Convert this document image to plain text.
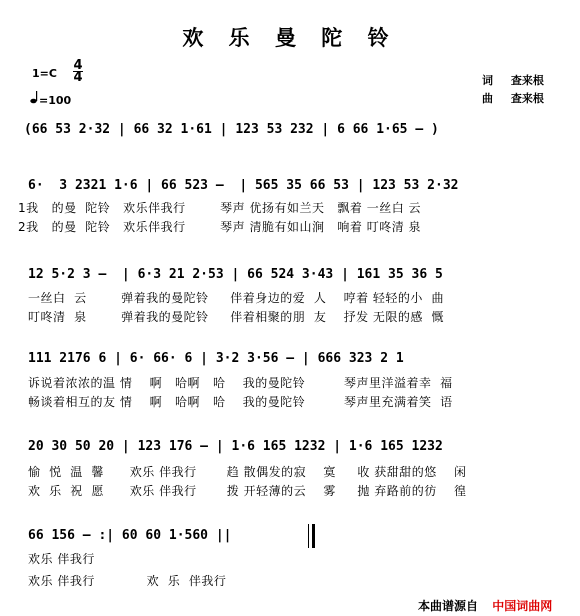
欢 乐 曼 陀 铃
1=C
4
4
=100
词 查来根
曲 查来根
(66 53 2·32 | 66 32 1·61 | 123 53 232 | 6 66 1·65 – )
6·  3 2321 1·6 | 66 523 –  | 565 35 66 53 | 123 53 2·32
1我   的曼  陀铃   欢乐伴我行        琴声 优扬有如兰天   飘着 一丝白 云
2我   的曼  陀铃   欢乐伴我行        琴声 清脆有如山涧   响着 叮咚清 泉
12 5·2 3 –  | 6·3 21 2·53 | 66 524 3·43 | 161 35 36 5
一丝白  云        弹着我的曼陀铃     伴着身边的爱  人    哼着 轻轻的小  曲
叮咚清  泉        弹着我的曼陀铃     伴着相聚的朋  友    抒发 无限的感  慨
111 2176 6 | 6· 66· 6 | 3·2 3·56 – | 666 323 2 1
诉说着浓浓的温 情    啊   哈啊   哈    我的曼陀铃         琴声里洋溢着幸  福
畅谈着相互的友 情    啊   哈啊   哈    我的曼陀铃         琴声里充满着笑  语
20 30 50 20 | 123 176 – | 1·6 165 1232 | 1·6 165 1232
愉  悦  温  馨      欢乐 伴我行       趋 散偶发的寂    寞     收 获甜甜的悠    闲
欢  乐  祝  愿      欢乐 伴我行       拨 开轻薄的云    雾     抛 弃路前的彷    徨
66 156 – :| 60 60 1·560 ||
欢乐 伴我行
欢乐 伴我行            欢  乐  伴我行
本曲谱源自 中国词曲网
